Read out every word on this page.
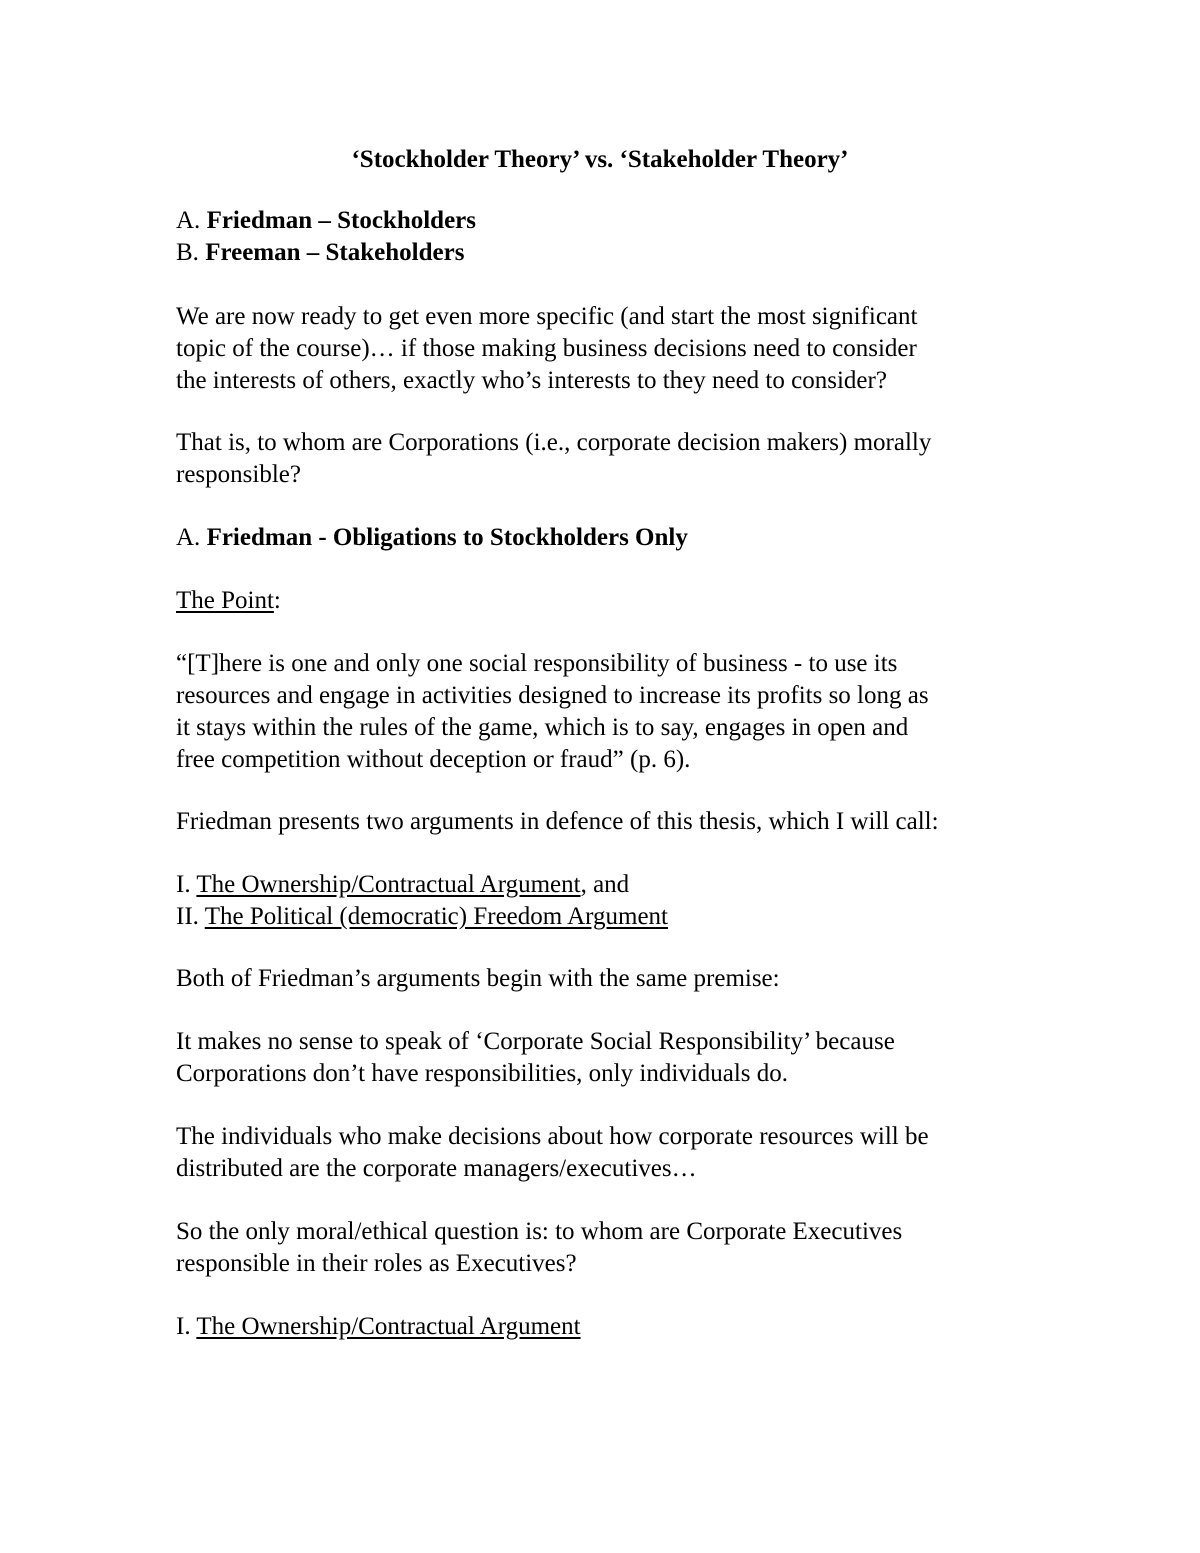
‘Stockholder Theory’ vs. ‘Stakeholder Theory’
A. Friedman – Stockholders
B. Freeman – Stakeholders
We are now ready to get even more specific (and start the most significant
topic of the course)… if those making business decisions need to consider
the interests of others, exactly who’s interests to they need to consider?
That is, to whom are Corporations (i.e., corporate decision makers) morally
responsible?
A. Friedman - Obligations to Stockholders Only
The Point:
“[T]here is one and only one social responsibility of business - to use its
resources and engage in activities designed to increase its profits so long as
it stays within the rules of the game, which is to say, engages in open and
free competition without deception or fraud” (p. 6).
Friedman presents two arguments in defence of this thesis, which I will call:
I. The Ownership/Contractual Argument, and
II. The Political (democratic) Freedom Argument
Both of Friedman’s arguments begin with the same premise:
It makes no sense to speak of ‘Corporate Social Responsibility’ because
Corporations don’t have responsibilities, only individuals do.
The individuals who make decisions about how corporate resources will be
distributed are the corporate managers/executives…
So the only moral/ethical question is: to whom are Corporate Executives
responsible in their roles as Executives?
I. The Ownership/Contractual Argument
